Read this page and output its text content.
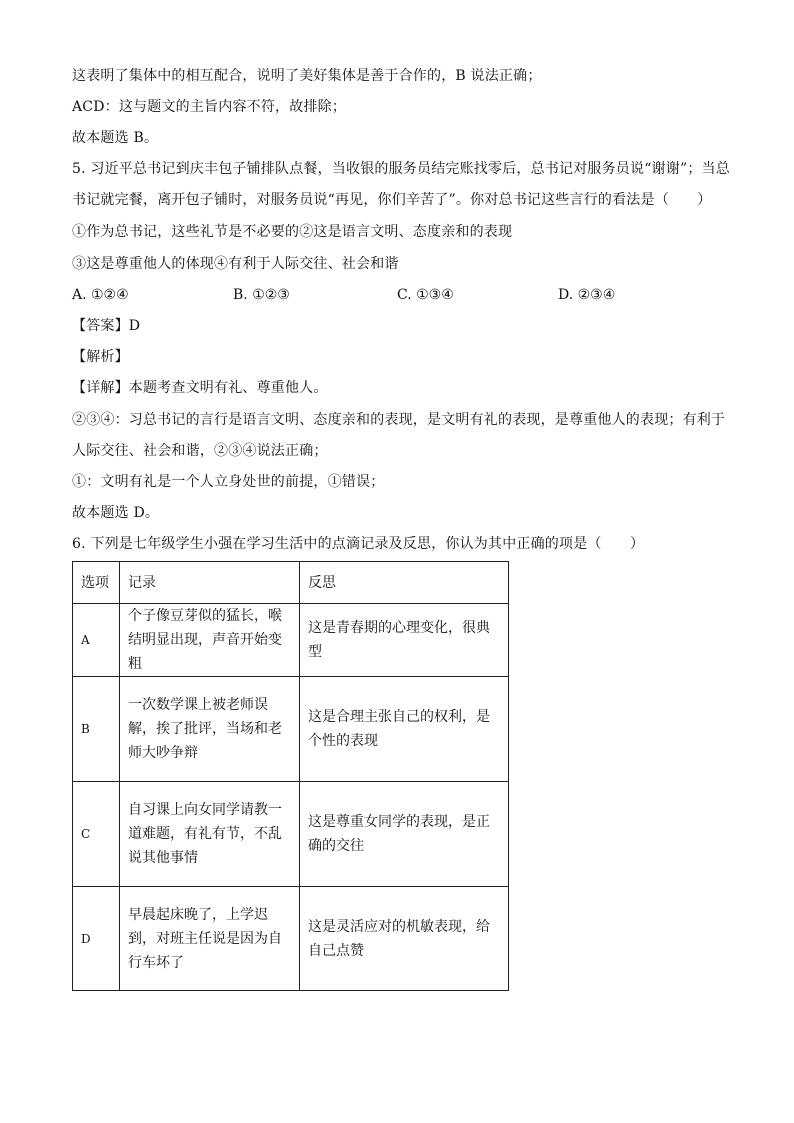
这表明了集体中的相互配合，说明了美好集体是善于合作的，B 说法正确；
ACD：这与题文的主旨内容不符，故排除；
故本题选 B。
5. 习近平总书记到庆丰包子铺排队点餐，当收银的服务员结完账找零后，总书记对服务员说“谢谢”；当总
书记就完餐，离开包子铺时，对服务员说“再见，你们辛苦了”。你对总书记这些言行的看法是（　　）
①作为总书记，这些礼节是不必要的②这是语言文明、态度亲和的表现
③这是尊重他人的体现④有利于人际交往、社会和谐
A. ①②④	B. ①②③	C. ①③④	D. ②③④
【答案】D
【解析】
【详解】本题考查文明有礼、尊重他人。
②③④：习总书记的言行是语言文明、态度亲和的表现，是文明有礼的表现，是尊重他人的表现；有利于
人际交往、社会和谐，②③④说法正确；
①：文明有礼是一个人立身处世的前提，①错误；
故本题选 D。
6. 下列是七年级学生小强在学习生活中的点滴记录及反思，你认为其中正确的项是（　　）
选项	记录	反思
A	个子像豆芽似的猛长，喉结明显出现，声音开始变粗	这是青春期的心理变化，很典型
B	一次数学课上被老师误解，挨了批评，当场和老师大吵争辩	这是合理主张自己的权利，是个性的表现
C	自习课上向女同学请教一道难题，有礼有节，不乱说其他事情	这是尊重女同学的表现，是正确的交往
D	早晨起床晚了，上学迟到，对班主任说是因为自行车坏了	这是灵活应对的机敏表现，给自己点赞
